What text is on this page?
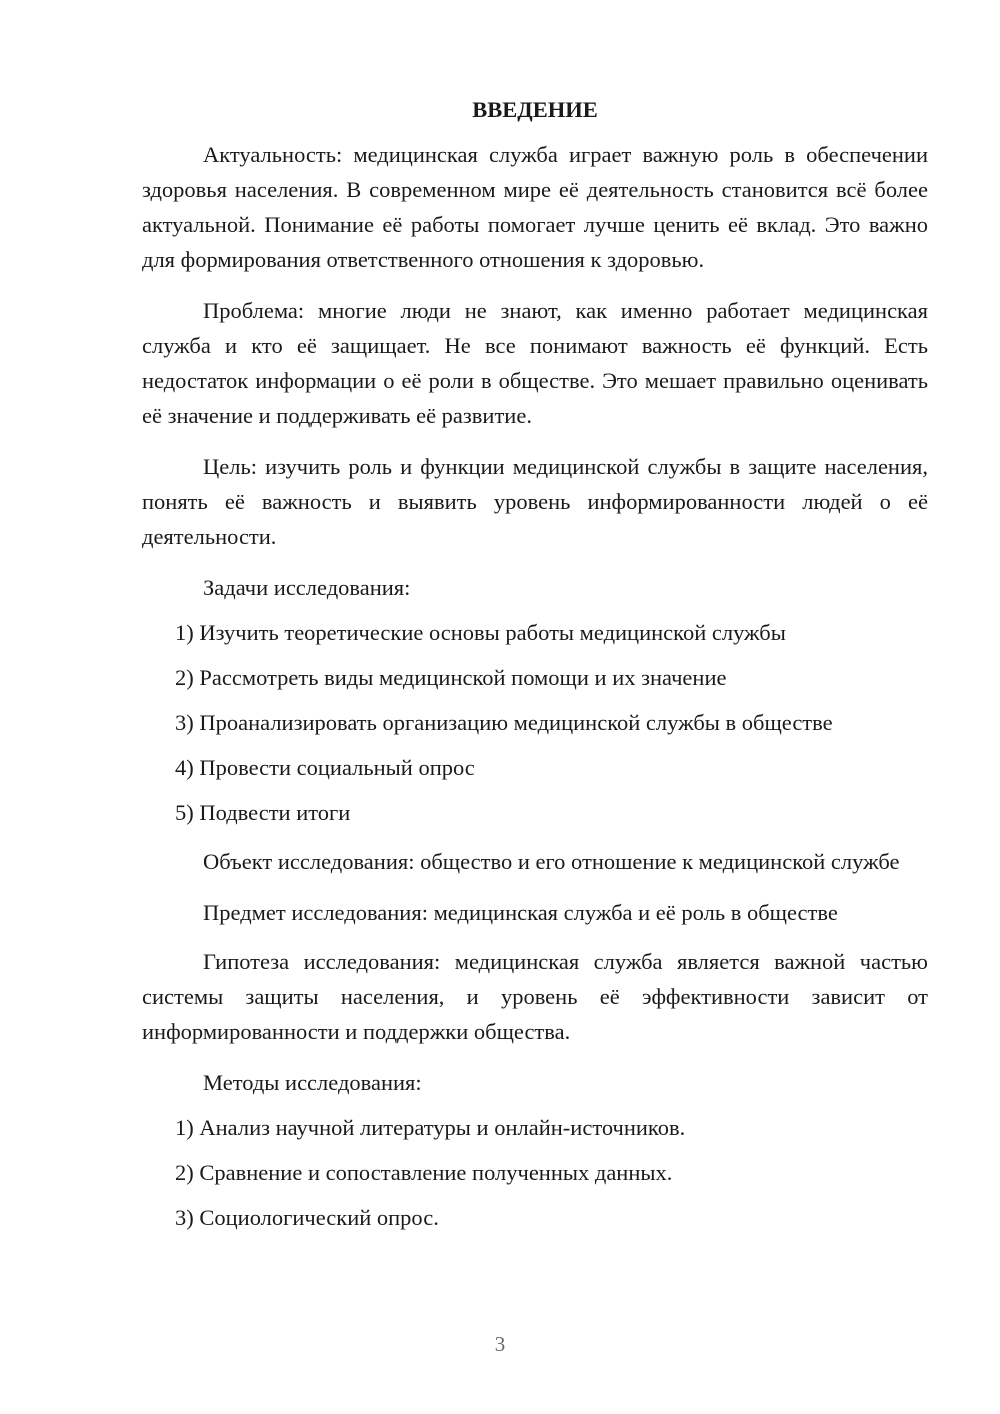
ВВЕДЕНИЕ

Актуальность: медицинская служба играет важную роль в обеспечении здоровья населения. В современном мире её деятельность становится всё более актуальной. Понимание её работы помогает лучше ценить её вклад. Это важно для формирования ответственного отношения к здоровью.

Проблема: многие люди не знают, как именно работает медицинская служба и кто её защищает. Не все понимают важность её функций. Есть недостаток информации о её роли в обществе. Это мешает правильно оценивать её значение и поддерживать её развитие.

Цель: изучить роль и функции медицинской службы в защите населения, понять её важность и выявить уровень информированности людей о её деятельности.

Задачи исследования:

1) Изучить теоретические основы работы медицинской службы
2) Рассмотреть виды медицинской помощи и их значение
3) Проанализировать организацию медицинской службы в обществе
4) Провести социальный опрос
5) Подвести итоги

Объект исследования: общество и его отношение к медицинской службе

Предмет исследования: медицинская служба и её роль в обществе

Гипотеза исследования: медицинская служба является важной частью системы защиты населения, и уровень её эффективности зависит от информированности и поддержки общества.

Методы исследования:

1) Анализ научной литературы и онлайн-источников.
2) Сравнение и сопоставление полученных данных.
3) Социологический опрос.
3
